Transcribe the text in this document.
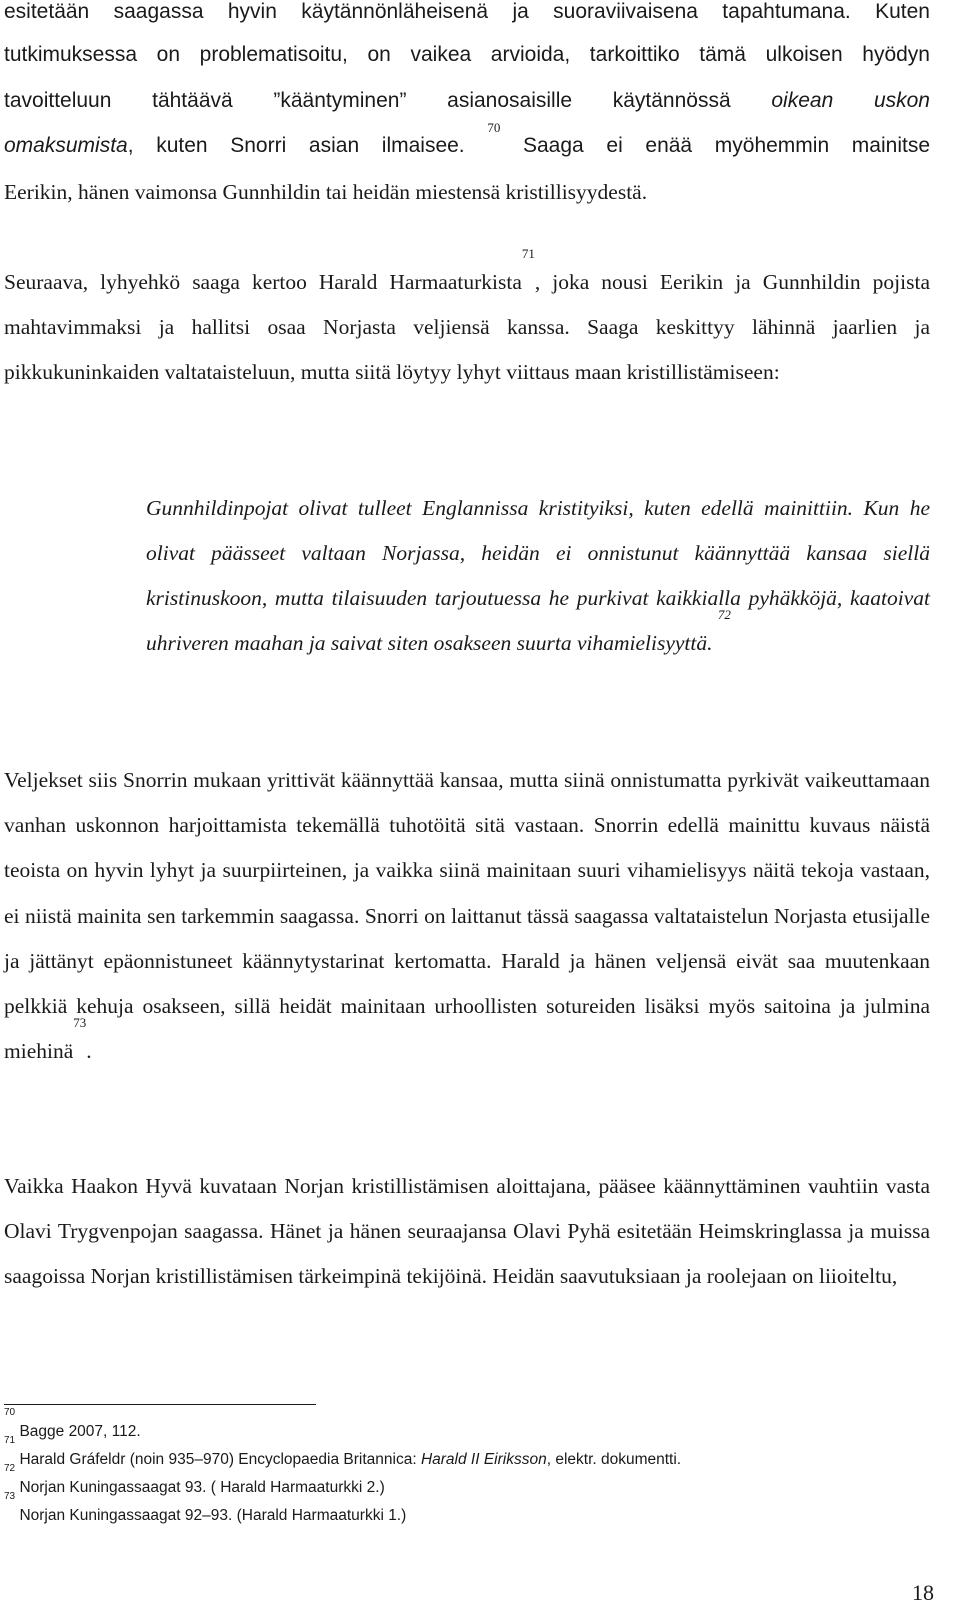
esitetään saagassa hyvin käytännönläheisenä ja suoraviivaisena tapahtumana. Kuten
tutkimuksessa on problematisoitu, on vaikea arvioida, tarkoittiko tämä ulkoisen hyödyn
tavoitteluun tähtäävä ”kääntyminen” asianosaisille käytännössä oikean uskon
omaksumista, kuten Snorri asian ilmaisee. $^{70}$ Saaga ei enää myöhemmin mainitse
Eerikin, hänen vaimonsa Gunnhildin tai heidän miestensä kristillisyydestä.

Seuraava, lyhyehkö saaga kertoo Harald Harmaaturkista$^{71}$, joka nousi Eerikin ja Gunnhildin pojista mahtavimmaksi ja hallitsi osaa Norjasta veljiensä kanssa. Saaga keskittyy lähinnä jaarlien ja pikkukuninkaiden valtataisteluun, mutta siitä löytyy lyhyt viittaus maan kristillistämiseen:

Gunnhildinpojat olivat tulleet Englannissa kristityiksi, kuten edellä mainittiin. Kun he olivat päässeet valtaan Norjassa, heidän ei onnistunut käännyttää kansaa siellä kristinuskoon, mutta tilaisuuden tarjoutuessa he purkivat kaikkialla pyhäkköjä, kaatoivat uhriveren maahan ja saivat siten osakseen suurta vihamielisyyttä. $^{72}$

Veljekset siis Snorrin mukaan yrittivät käännyttää kansaa, mutta siinä onnistumatta pyrkivät vaikeuttamaan vanhan uskonnon harjoittamista tekemällä tuhotöitä sitä vastaan. Snorrin edellä mainittu kuvaus näistä teoista on hyvin lyhyt ja suurpiirteinen, ja vaikka siinä mainitaan suuri vihamielisyys näitä tekoja vastaan, ei niistä mainita sen tarkemmin saagassa. Snorri on laittanut tässä saagassa valtataistelun Norjasta etusijalle ja jättänyt epäonnistuneet käännytystarinat kertomatta. Harald ja hänen veljensä eivät saa muutenkaan pelkkiä kehuja osakseen, sillä heidät mainitaan urhoollisten sotureiden lisäksi myös saitoina ja julmina miehinä$^{73}$.

Vaikka Haakon Hyvä kuvataan Norjan kristillistämisen aloittajana, pääsee käännyttäminen vauhtiin vasta Olavi Trygvenpojan saagassa. Hänet ja hänen seuraajansa Olavi Pyhä esitetään Heimskringlassa ja muissa saagoissa Norjan kristillistämisen tärkeimpinä tekijöinä. Heidän saavutuksiaan ja roolejaan on liioiteltu,

$^{70}$ Bagge 2007, 112.
$^{71}$ Harald Gráfeldr (noin 935–970) Encyclopaedia Britannica: Harald II Eiriksson, elektr. dokumentti.
$^{72}$ Norjan Kuningassaagat 93. ( Harald Harmaaturkki 2.)
$^{73}$ Norjan Kuningassaagat 92–93. (Harald Harmaaturkki 1.)
18
